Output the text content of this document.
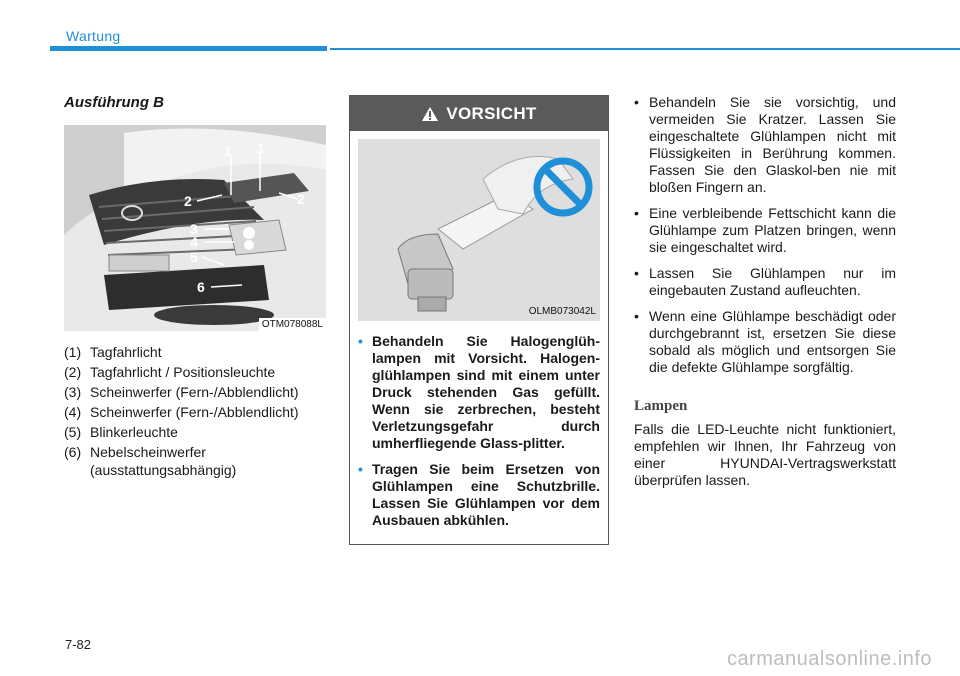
Wartung
Ausführung B
1 1
2	2
3
4
5
6
OTM078088L
(1) Tagfahrlicht
(2) Tagfahrlicht / Positionsleuchte
(3) Scheinwerfer (Fern-/Abblendlicht)
(4) Scheinwerfer (Fern-/Abblendlicht)
(5) Blinkerleuchte
(6) Nebelscheinwerfer (ausstattungsabhängig)
VORSICHT
OLMB073042L
• Behandeln Sie Halogenglüh-lampen mit Vorsicht. Halogen-glühlampen sind mit einem unter Druck stehenden Gas gefüllt. Wenn sie zerbrechen, besteht Verletzungsgefahr durch umherfliegende Glass-plitter.
• Tragen Sie beim Ersetzen von Glühlampen eine Schutzbrille. Lassen Sie Glühlampen vor dem Ausbauen abkühlen.
• Behandeln Sie sie vorsichtig, und vermeiden Sie Kratzer. Lassen Sie eingeschaltete Glühlampen nicht mit Flüssigkeiten in Berührung kommen. Fassen Sie den Glaskol-ben nie mit bloßen Fingern an.
• Eine verbleibende Fettschicht kann die Glühlampe zum Platzen bringen, wenn sie eingeschaltet wird.
• Lassen Sie Glühlampen nur im eingebauten Zustand aufleuchten.
• Wenn eine Glühlampe beschädigt oder durchgebrannt ist, ersetzen Sie diese sobald als möglich und entsorgen Sie die defekte Glühlampe sorgfältig.
Lampen

Falls die LED-Leuchte nicht funktioniert, empfehlen wir Ihnen, Ihr Fahrzeug von einer HYUNDAI-Vertragswerkstatt überprüfen lassen.

7-82
carmanualsonline.info
